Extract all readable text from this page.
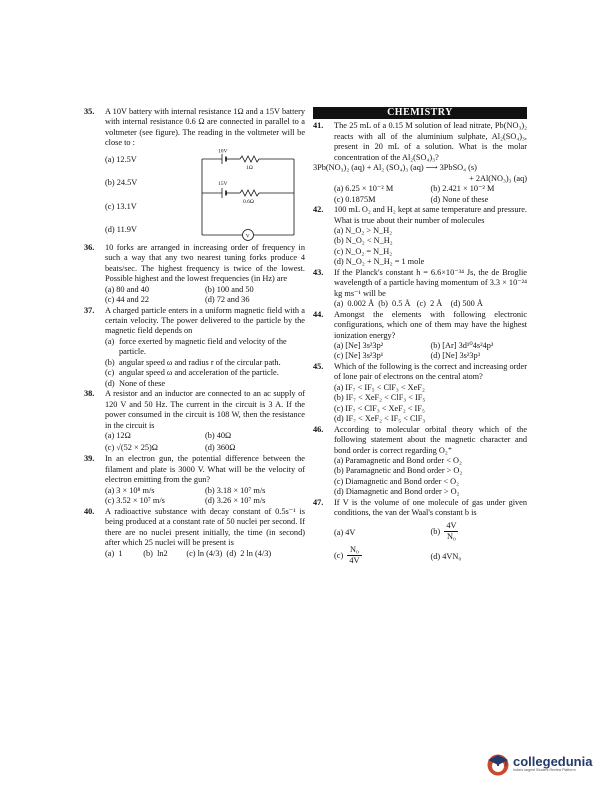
35.	A 10V battery with internal resistance 1Ω and a 15V battery with internal resistance 0.6 Ω are connected in parallel to a voltmeter (see figure). The reading in the voltmeter will be close to :
(a) 12.5V
(b) 24.5V
(c) 13.1V
(d) 11.9V
10V
1Ω
15V
0.6Ω
V
36.	10 forks are arranged in increasing order of frequency in such a way that any two nearest tuning forks produce 4 beats/sec. The highest frequency is twice of the lowest. Possible highest and the lowest frequencies (in Hz) are
(a) 80 and 40	(b) 100 and 50
(c) 44 and 22	(d) 72 and 36
37.	A charged particle enters in a uniform magnetic field with a certain velocity. The power delivered to the particle by the magnetic field depends on
(a) force exerted by magnetic field and velocity of the particle.
(b) angular speed ω and radius r of the circular path.
(c) angular speed ω and acceleration of the particle.
(d) None of these
38.	A resistor and an inductor are connected to an ac supply of 120 V and 50 Hz. The current in the circuit is 3 A. If the power consumed in the circuit is 108 W, then the resistance in the circuit is
(a) 12Ω	(b) 40Ω
(c) √(52 × 25)Ω	(d) 360Ω
39.	In an electron gun, the potential difference between the filament and plate is 3000 V. What will be the velocity of electron emitting from the gun?
(a) 3 × 10⁸ m/s	(b) 3.18 × 10⁷ m/s
(c) 3.52 × 10⁷ m/s	(d) 3.26 × 10⁷ m/s
40.	A radioactive substance with decay constant of 0.5s⁻¹ is being produced at a constant rate of 50 nuclei per second. If there are no nuclei present initially, the time (in second) after which 25 nuclei will be present is
(a)  1          (b)  ln2         (c) ln (4/3)  (d)  2 ln (4/3)
CHEMISTRY
41.	The 25 mL of a 0.15 M solution of lead nitrate, Pb(NO₃)₂ reacts with all of the aluminium sulphate, Al₂(SO₄)₃, present in 20 mL of a solution. What is the molar concentration of the Al₂(SO₄)₃?
3Pb(NO₃)₂ (aq) + Al₂ (SO₄)₃ (aq) ⟶ 3PbSO₄ (s)
+ 2Al(NO₃)₃ (aq)
(a) 6.25 × 10⁻² M	(b) 2.421 × 10⁻² M
(c) 0.1875M	(d) None of these
42.	100 mL O₂ and H₂ kept at same temperature and pressure. What is true about their number of molecules
(a) N_O₂ > N_H₂
(b) N_O₂ < N_H₂
(c) N_O₂ = N_H₂
(d) N_O₂ + N_H₂ = 1 mole
43.	If the Planck's constant h = 6.6×10⁻³⁴ Js, the de Broglie wavelength of a particle having momentum of 3.3 × 10⁻²⁴ kg ms⁻¹ will be
(a)  0.002 Å  (b)  0.5 Å   (c)  2 Å    (d) 500 Å
44.	Amongst the elements with following electronic configurations, which one of them may have the highest ionization energy?
(a) [Ne] 3s²3p²	(b) [Ar] 3d¹⁰4s²4p³
(c) [Ne] 3s²3p¹	(d) [Ne] 3s²3p³
45.	Which of the following is the correct and increasing order of lone pair of electrons on the central atom?
(a) IF₇ < IF₅ < ClF₃ < XeF₂
(b) IF₇ < XeF₂ < ClF₃ < IF₅
(c) IF₇ < ClF₃ < XeF₂ < IF₅
(d) IF₇ < XeF₂ < IF₅ < ClF₃
46.	According to molecular orbital theory which of the following statement about the magnetic character and bond order is correct regarding O₂⁺
(a) Paramagnetic and Bond order < O₂
(b) Paramagnetic and Bond order > O₂
(c) Diamagnetic and Bond order < O₂
(d) Diamagnetic and Bond order > O₂
47.	If V is the volume of one molecule of gas under given conditions, the van der Waal's constant b is
(a) 4V	$(b) \frac{4V}{\text{N₀}}$
$(c) \frac{\text{N₀}}{4V}$	(d) 4VN₀
collegedunia
India's largest Student Review Platform
